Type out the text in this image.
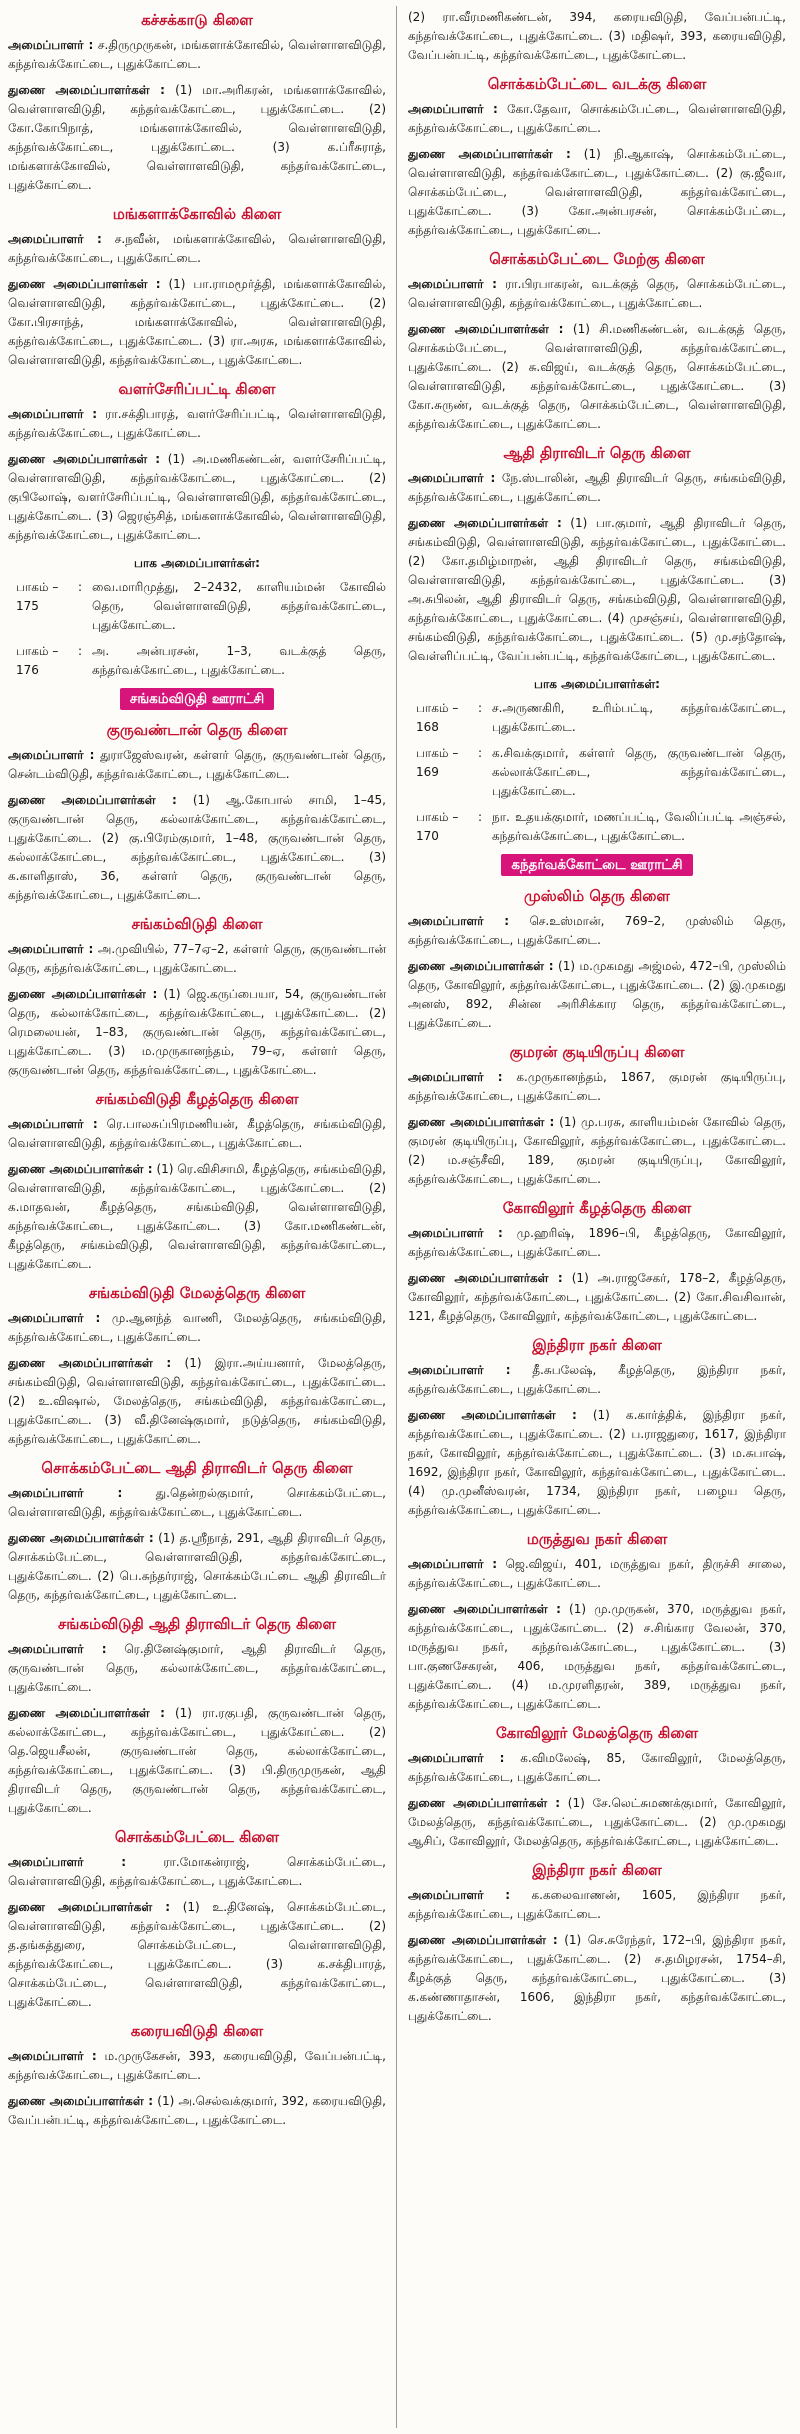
கச்சக்காடு கிளை

அமைப்பாளர் : ச.திருமுருகன், மங்களாக்கோவில், வெள்ளாளவிடுதி, கந்தர்வக்கோட்டை, புதுக்கோட்டை.

துணை அமைப்பாளர்கள் : (1) மா.அரிகரன், மங்களாக்கோவில், வெள்ளாளவிடுதி, கந்தர்வக்கோட்டை, புதுக்கோட்டை. (2) கோ.கோபிநாத், மங்களாக்கோவில், வெள்ளாளவிடுதி, கந்தர்வக்கோட்டை, புதுக்கோட்டை. (3) க.ப்ரீசுராத், மங்களாக்கோவில், வெள்ளாளவிடுதி, கந்தர்வக்கோட்டை, புதுக்கோட்டை.

மங்களாக்கோவில் கிளை

அமைப்பாளர் : ச.நவீன், மங்களாக்கோவில், வெள்ளாளவிடுதி, கந்தர்வக்கோட்டை, புதுக்கோட்டை.

துணை அமைப்பாளர்கள் : (1) பா.ராமமூர்த்தி, மங்களாக்கோவில், வெள்ளாளவிடுதி, கந்தர்வக்கோட்டை, புதுக்கோட்டை. (2) கோ.பிரசாந்த், மங்களாக்கோவில், வெள்ளாளவிடுதி, கந்தர்வக்கோட்டை, புதுக்கோட்டை. (3) ரா.அரசு, மங்களாக்கோவில், வெள்ளாளவிடுதி, கந்தர்வக்கோட்டை, புதுக்கோட்டை.

வளர்சேரிப்பட்டி கிளை

அமைப்பாளர் : ரா.சக்திபாரத், வளர்சேரிப்பட்டி, வெள்ளாளவிடுதி, கந்தர்வக்கோட்டை, புதுக்கோட்டை.

துணை அமைப்பாளர்கள் : (1) அ.மணிகண்டன், வளர்சேரிப்பட்டி, வெள்ளாளவிடுதி, கந்தர்வக்கோட்டை, புதுக்கோட்டை. (2) குபிலோஷ், வளர்சேரிப்பட்டி, வெள்ளாளவிடுதி, கந்தர்வக்கோட்டை, புதுக்கோட்டை. (3) ஜெரஞ்சித், மங்களாக்கோவில், வெள்ளாளவிடுதி, கந்தர்வக்கோட்டை, புதுக்கோட்டை.

பாக அமைப்பாளர்கள்:
பாகம் – 175
: வை.மாரிமுத்து, 2–2432, காளியம்மன் கோவில் தெரு, வெள்ளாளவிடுதி, கந்தர்வக்கோட்டை, புதுக்கோட்டை.
பாகம் – 176
: அ. அன்பரசன், 1–3, வடக்குத் தெரு, கந்தர்வக்கோட்டை, புதுக்கோட்டை.
சங்கம்விடுதி ஊராட்சி
குருவண்டான் தெரு கிளை

அமைப்பாளர் : துராஜேஸ்வரன், கள்ளர் தெரு, குருவண்டான் தெரு, சென்டம்விடுதி, கந்தர்வக்கோட்டை, புதுக்கோட்டை.

துணை அமைப்பாளர்கள் : (1) ஆ.கோபால் சாமி, 1–45, குருவண்டான் தெரு, கல்லாக்கோட்டை, கந்தர்வக்கோட்டை, புதுக்கோட்டை. (2) கு.பிரேம்குமார், 1–48, குருவண்டான் தெரு, கல்லாக்கோட்டை, கந்தர்வக்கோட்டை, புதுக்கோட்டை. (3) க.காளிதாஸ், 36, கள்ளர் தெரு, குருவண்டான் தெரு, கந்தர்வக்கோட்டை, புதுக்கோட்டை.

சங்கம்விடுதி கிளை

அமைப்பாளர் : அ.முவியில், 77–7ஏ–2, கள்ளர் தெரு, குருவண்டான் தெரு, கந்தர்வக்கோட்டை, புதுக்கோட்டை.

துணை அமைப்பாளர்கள் : (1) ஜெ.கருப்பையா, 54, குருவண்டான் தெரு, கல்லாக்கோட்டை, கந்தர்வக்கோட்டை, புதுக்கோட்டை. (2) ரெமலையன், 1–83, குருவண்டான் தெரு, கந்தர்வக்கோட்டை, புதுக்கோட்டை. (3) ம.முருகானந்தம், 79–ஏ, கள்ளர் தெரு, குருவண்டான் தெரு, கந்தர்வக்கோட்டை, புதுக்கோட்டை.

சங்கம்விடுதி கீழத்தெரு கிளை

அமைப்பாளர் : ரெ.பாலசுப்பிரமணியன், கீழத்தெரு, சங்கம்விடுதி, வெள்ளாளவிடுதி, கந்தர்வக்கோட்டை, புதுக்கோட்டை.

துணை அமைப்பாளர்கள் : (1) ரெ.விசிசாமி, கீழத்தெரு, சங்கம்விடுதி, வெள்ளாளவிடுதி, கந்தர்வக்கோட்டை, புதுக்கோட்டை. (2) க.மாதவன், கீழத்தெரு, சங்கம்விடுதி, வெள்ளாளவிடுதி, கந்தர்வக்கோட்டை, புதுக்கோட்டை. (3) கோ.மணிகண்டன், கீழத்தெரு, சங்கம்விடுதி, வெள்ளாளவிடுதி, கந்தர்வக்கோட்டை, புதுக்கோட்டை.

சங்கம்விடுதி மேலத்தெரு கிளை

அமைப்பாளர் : மு.ஆனந்த் வாணி, மேலத்தெரு, சங்கம்விடுதி, கந்தர்வக்கோட்டை, புதுக்கோட்டை.

துணை அமைப்பாளர்கள் : (1) இரா.அய்யனார், மேலத்தெரு, சங்கம்விடுதி, வெள்ளாளவிடுதி, கந்தர்வக்கோட்டை, புதுக்கோட்டை. (2) உ.விஷால், மேலத்தெரு, சங்கம்விடுதி, கந்தர்வக்கோட்டை, புதுக்கோட்டை. (3) வீ.தினேஷ்குமார், நடுத்தெரு, சங்கம்விடுதி, கந்தர்வக்கோட்டை, புதுக்கோட்டை.

சொக்கம்பேட்டை ஆதி திராவிடர் தெரு கிளை

அமைப்பாளர் : து.தென்றல்குமார், சொக்கம்பேட்டை, வெள்ளாளவிடுதி, கந்தர்வக்கோட்டை, புதுக்கோட்டை.

துணை அமைப்பாளர்கள் : (1) த.ஸ்ரீநாத், 291, ஆதி திராவிடர் தெரு, சொக்கம்பேட்டை, வெள்ளாளவிடுதி, கந்தர்வக்கோட்டை, புதுக்கோட்டை. (2) பெ.சுந்தர்ராஜ், சொக்கம்பேட்டை ஆதி திராவிடர் தெரு, கந்தர்வக்கோட்டை, புதுக்கோட்டை.

சங்கம்விடுதி ஆதி திராவிடர் தெரு கிளை

அமைப்பாளர் : ரெ.தினேஷ்குமார், ஆதி திராவிடர் தெரு, குருவண்டான் தெரு, கல்லாக்கோட்டை, கந்தர்வக்கோட்டை, புதுக்கோட்டை.

துணை அமைப்பாளர்கள் : (1) ரா.ரகுபதி, குருவண்டான் தெரு, கல்லாக்கோட்டை, கந்தர்வக்கோட்டை, புதுக்கோட்டை. (2) தெ.ஜெயசீலன், குருவண்டான் தெரு, கல்லாக்கோட்டை, கந்தர்வக்கோட்டை, புதுக்கோட்டை. (3) பி.திருமுருகன், ஆதி திராவிடர் தெரு, குருவண்டான் தெரு, கந்தர்வக்கோட்டை, புதுக்கோட்டை.

சொக்கம்பேட்டை கிளை

அமைப்பாளர் : ரா.மோகன்ராஜ், சொக்கம்பேட்டை, வெள்ளாளவிடுதி, கந்தர்வக்கோட்டை, புதுக்கோட்டை.

துணை அமைப்பாளர்கள் : (1) உ.தினேஷ், சொக்கம்பேட்டை, வெள்ளாளவிடுதி, கந்தர்வக்கோட்டை, புதுக்கோட்டை. (2) த.தங்கத்துரை, சொக்கம்பேட்டை, வெள்ளாளவிடுதி, கந்தர்வக்கோட்டை, புதுக்கோட்டை. (3) க.சக்திபாரத், சொக்கம்பேட்டை, வெள்ளாளவிடுதி, கந்தர்வக்கோட்டை, புதுக்கோட்டை.

கரையவிடுதி கிளை

அமைப்பாளர் : ம.முருகேசன், 393, கரையவிடுதி, வேப்பன்பட்டி, கந்தர்வக்கோட்டை, புதுக்கோட்டை.

துணை அமைப்பாளர்கள் : (1) அ.செல்வக்குமார், 392, கரையவிடுதி, வேப்பன்பட்டி, கந்தர்வக்கோட்டை, புதுக்கோட்டை.

(2) ரா.வீரமணிகண்டன், 394, கரையவிடுதி, வேப்பன்பட்டி, கந்தர்வக்கோட்டை, புதுக்கோட்டை. (3) மதிஷர், 393, கரையவிடுதி, வேப்பன்பட்டி, கந்தர்வக்கோட்டை, புதுக்கோட்டை.

சொக்கம்பேட்டை வடக்கு கிளை

அமைப்பாளர் : கோ.தேவா, சொக்கம்பேட்டை, வெள்ளாளவிடுதி, கந்தர்வக்கோட்டை, புதுக்கோட்டை.

துணை அமைப்பாளர்கள் : (1) நி.ஆகாஷ், சொக்கம்பேட்டை, வெள்ளாளவிடுதி, கந்தர்வக்கோட்டை, புதுக்கோட்டை. (2) கு.ஜீவா, சொக்கம்பேட்டை, வெள்ளாளவிடுதி, கந்தர்வக்கோட்டை, புதுக்கோட்டை. (3) கோ.அன்பரசன், சொக்கம்பேட்டை, கந்தர்வக்கோட்டை, புதுக்கோட்டை.

சொக்கம்பேட்டை மேற்கு கிளை

அமைப்பாளர் : ரா.பிரபாகரன், வடக்குத் தெரு, சொக்கம்பேட்டை, வெள்ளாளவிடுதி, கந்தர்வக்கோட்டை, புதுக்கோட்டை.

துணை அமைப்பாளர்கள் : (1) சி.மணிகண்டன், வடக்குத் தெரு, சொக்கம்பேட்டை, வெள்ளாளவிடுதி, கந்தர்வக்கோட்டை, புதுக்கோட்டை. (2) சு.விஜய், வடக்குத் தெரு, சொக்கம்பேட்டை, வெள்ளாளவிடுதி, கந்தர்வக்கோட்டை, புதுக்கோட்டை. (3) கோ.சுருண், வடக்குத் தெரு, சொக்கம்பேட்டை, வெள்ளாளவிடுதி, கந்தர்வக்கோட்டை, புதுக்கோட்டை.

ஆதி திராவிடர் தெரு கிளை

அமைப்பாளர் : நே.ஸ்டாலின், ஆதி திராவிடர் தெரு, சங்கம்விடுதி, கந்தர்வக்கோட்டை, புதுக்கோட்டை.

துணை அமைப்பாளர்கள் : (1) பா.குமார், ஆதி திராவிடர் தெரு, சங்கம்விடுதி, வெள்ளாளவிடுதி, கந்தர்வக்கோட்டை, புதுக்கோட்டை. (2) கோ.தமிழ்மாறன், ஆதி திராவிடர் தெரு, சங்கம்விடுதி, வெள்ளாளவிடுதி, கந்தர்வக்கோட்டை, புதுக்கோட்டை. (3) அ.சுபிலன், ஆதி திராவிடர் தெரு, சங்கம்விடுதி, வெள்ளாளவிடுதி, கந்தர்வக்கோட்டை, புதுக்கோட்டை. (4) முசஞ்சய், வெள்ளாளவிடுதி, சங்கம்விடுதி, கந்தர்வக்கோட்டை, புதுக்கோட்டை. (5) மு.சந்தோஷ், வெள்ளிப்பட்டி, வேப்பன்பட்டி, கந்தர்வக்கோட்டை, புதுக்கோட்டை.

பாக அமைப்பாளர்கள்:
பாகம் – 168
: ச.அருணகிரி, உரிம்பட்டி, கந்தர்வக்கோட்டை, புதுக்கோட்டை.
பாகம் – 169
: க.சிவக்குமார், கள்ளர் தெரு, குருவண்டான் தெரு, கல்லாக்கோட்டை, கந்தர்வக்கோட்டை, புதுக்கோட்டை.
பாகம் – 170
: நா. உதயக்குமார், மணப்பட்டி, வேலிப்பட்டி அஞ்சல், கந்தர்வக்கோட்டை, புதுக்கோட்டை.
கந்தர்வக்கோட்டை ஊராட்சி
முஸ்லிம் தெரு கிளை

அமைப்பாளர் : செ.உஸ்மான், 769–2, முஸ்லிம் தெரு, கந்தர்வக்கோட்டை, புதுக்கோட்டை.

துணை அமைப்பாளர்கள் : (1) ம.முகமது அஜ்மல், 472–பி, முஸ்லிம் தெரு, கோவிலூர், கந்தர்வக்கோட்டை, புதுக்கோட்டை. (2) இ.முகமது அனஸ், 892, சின்ன அரிசிக்கார தெரு, கந்தர்வக்கோட்டை, புதுக்கோட்டை.

குமரன் குடியிருப்பு கிளை

அமைப்பாளர் : க.முருகானந்தம், 1867, குமரன் குடியிருப்பு, கந்தர்வக்கோட்டை, புதுக்கோட்டை.

துணை அமைப்பாளர்கள் : (1) மு.பரசு, காளியம்மன் கோவில் தெரு, குமரன் குடியிருப்பு, கோவிலூர், கந்தர்வக்கோட்டை, புதுக்கோட்டை. (2) ம.சஞ்சீவி, 189, குமரன் குடியிருப்பு, கோவிலூர், கந்தர்வக்கோட்டை, புதுக்கோட்டை.

கோவிலூர் கீழத்தெரு கிளை

அமைப்பாளர் : மு.ஹரிஷ், 1896–பி, கீழத்தெரு, கோவிலூர், கந்தர்வக்கோட்டை, புதுக்கோட்டை.

துணை அமைப்பாளர்கள் : (1) அ.ராஜசேகர், 178–2, கீழத்தெரு, கோவிலூர், கந்தர்வக்கோட்டை, புதுக்கோட்டை. (2) கோ.சிவசிவான், 121, கீழத்தெரு, கோவிலூர், கந்தர்வக்கோட்டை, புதுக்கோட்டை.

இந்திரா நகர் கிளை

அமைப்பாளர் : தீ.சுபலேஷ், கீழத்தெரு, இந்திரா நகர், கந்தர்வக்கோட்டை, புதுக்கோட்டை.

துணை அமைப்பாளர்கள் : (1) க.கார்த்திக், இந்திரா நகர், கந்தர்வக்கோட்டை, புதுக்கோட்டை. (2) ப.ராஜதுரை, 1617, இந்திரா நகர், கோவிலூர், கந்தர்வக்கோட்டை, புதுக்கோட்டை. (3) ம.சுபாஷ், 1692, இந்திரா நகர், கோவிலூர், கந்தர்வக்கோட்டை, புதுக்கோட்டை. (4) மு.முனீஸ்வரன், 1734, இந்திரா நகர், பழைய தெரு, கந்தர்வக்கோட்டை, புதுக்கோட்டை.

மருத்துவ நகர் கிளை

அமைப்பாளர் : ஜெ.விஜய், 401, மருத்துவ நகர், திருச்சி சாலை, கந்தர்வக்கோட்டை, புதுக்கோட்டை.

துணை அமைப்பாளர்கள் : (1) மு.முருகன், 370, மருத்துவ நகர், கந்தர்வக்கோட்டை, புதுக்கோட்டை. (2) ச.சிங்கார வேலன், 370, மருத்துவ நகர், கந்தர்வக்கோட்டை, புதுக்கோட்டை. (3) பா.குணசேகரன், 406, மருத்துவ நகர், கந்தர்வக்கோட்டை, புதுக்கோட்டை. (4) ம.முரளிதரன், 389, மருத்துவ நகர், கந்தர்வக்கோட்டை, புதுக்கோட்டை.

கோவிலூர் மேலத்தெரு கிளை

அமைப்பாளர் : க.விமலேஷ், 85, கோவிலூர், மேலத்தெரு, கந்தர்வக்கோட்டை, புதுக்கோட்டை.

துணை அமைப்பாளர்கள் : (1) சே.லெட்சுமணக்குமார், கோவிலூர், மேலத்தெரு, கந்தர்வக்கோட்டை, புதுக்கோட்டை. (2) மு.முகமது ஆசிப், கோவிலூர், மேலத்தெரு, கந்தர்வக்கோட்டை, புதுக்கோட்டை.

இந்திரா நகர் கிளை

அமைப்பாளர் : க.கலைவாணன், 1605, இந்திரா நகர், கந்தர்வக்கோட்டை, புதுக்கோட்டை.

துணை அமைப்பாளர்கள் : (1) செ.சுரேந்தர், 172–பி, இந்திரா நகர், கந்தர்வக்கோட்டை, புதுக்கோட்டை. (2) ச.தமிழரசன், 1754–சி, கீழக்குத் தெரு, கந்தர்வக்கோட்டை, புதுக்கோட்டை. (3) க.கண்ணாதாசன், 1606, இந்திரா நகர், கந்தர்வக்கோட்டை, புதுக்கோட்டை.
